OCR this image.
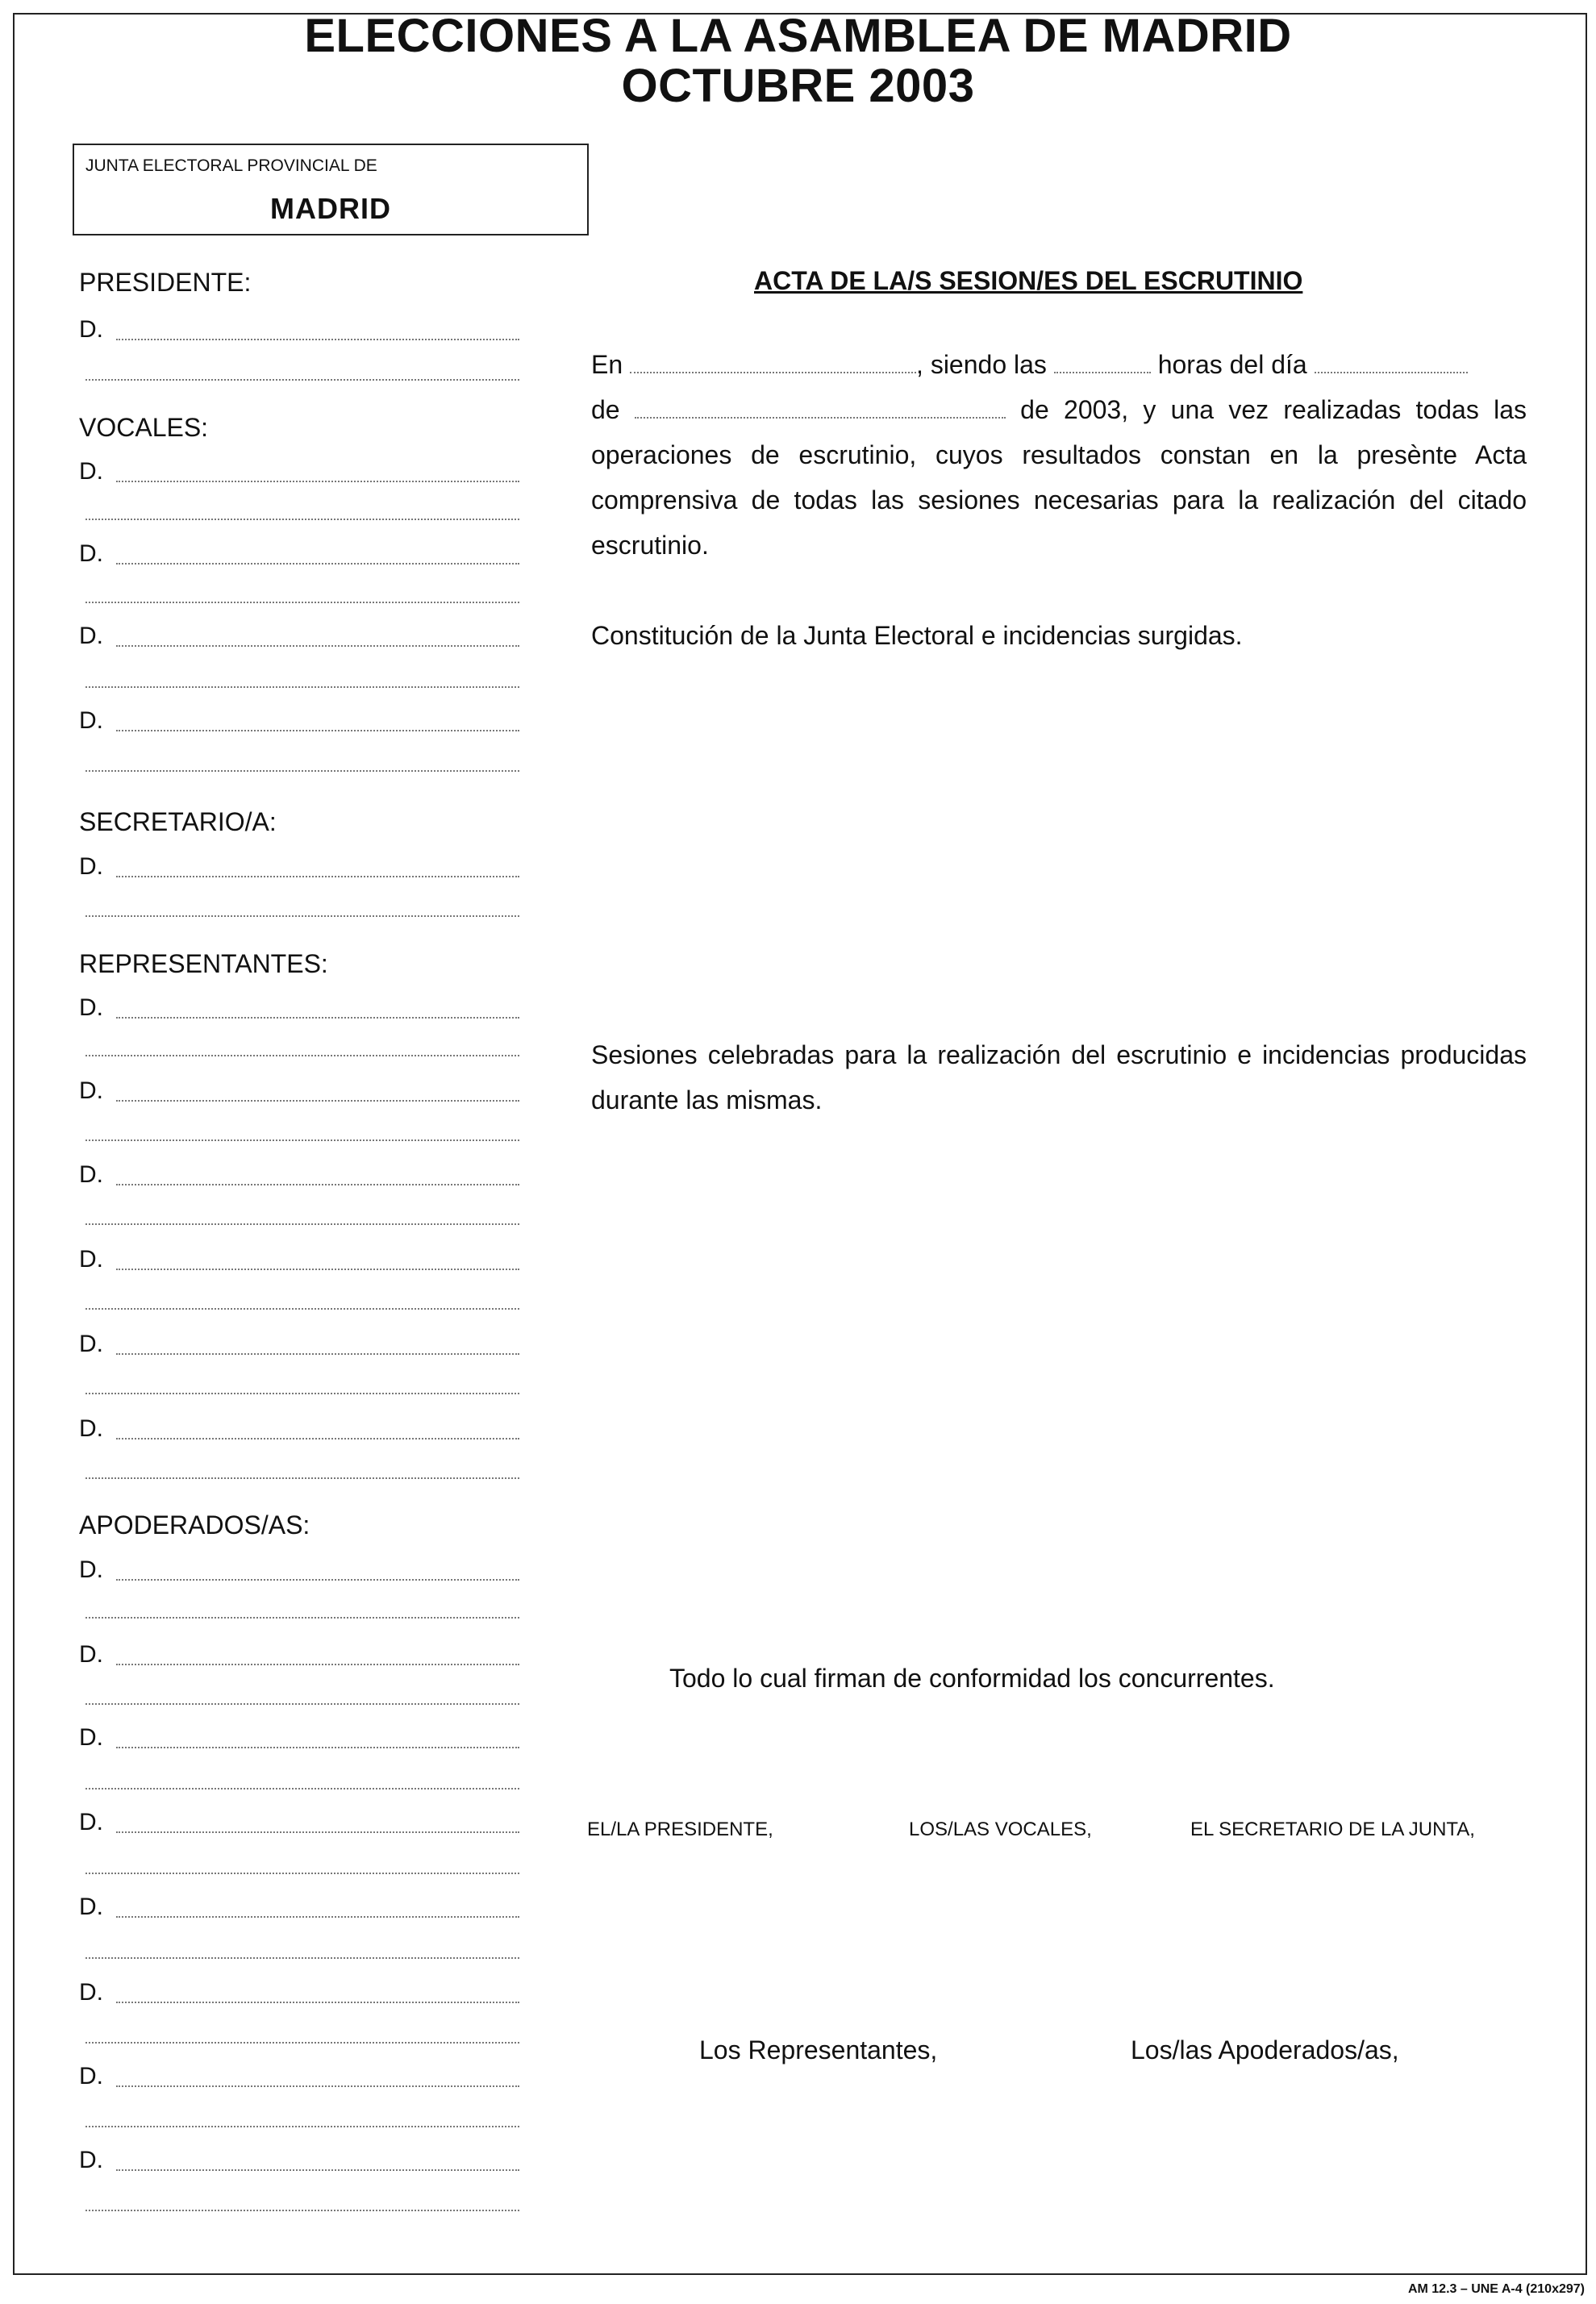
ELECCIONES A LA ASAMBLEA DE MADRID
OCTUBRE 2003
JUNTA ELECTORAL PROVINCIAL DE
MADRID
PRESIDENTE:
D.
VOCALES:
D.
D.
D.
D.
SECRETARIO/A:
D.
REPRESENTANTES:
D.
D.
D.
D.
D.
D.
APODERADOS/AS:
D.
D.
D.
D.
D.
D.
D.
D.
ACTA DE LA/S SESION/ES DEL ESCRUTINIO
En	, siendo las	horas del día
de	de 2003, y una vez realizadas todas las operaciones de escrutinio, cuyos resultados constan en la presènte Acta comprensiva de todas las sesiones necesarias para la realización del citado escrutinio.
Constitución de la Junta Electoral e incidencias surgidas.
Sesiones celebradas para la realización del escrutinio e incidencias producidas durante las mismas.
Todo lo cual firman de conformidad los concurrentes.
EL/LA PRESIDENTE,	LOS/LAS VOCALES,	EL SECRETARIO DE LA JUNTA,
Los Representantes,	Los/las Apoderados/as,
AM 12.3 – UNE A-4 (210x297)
